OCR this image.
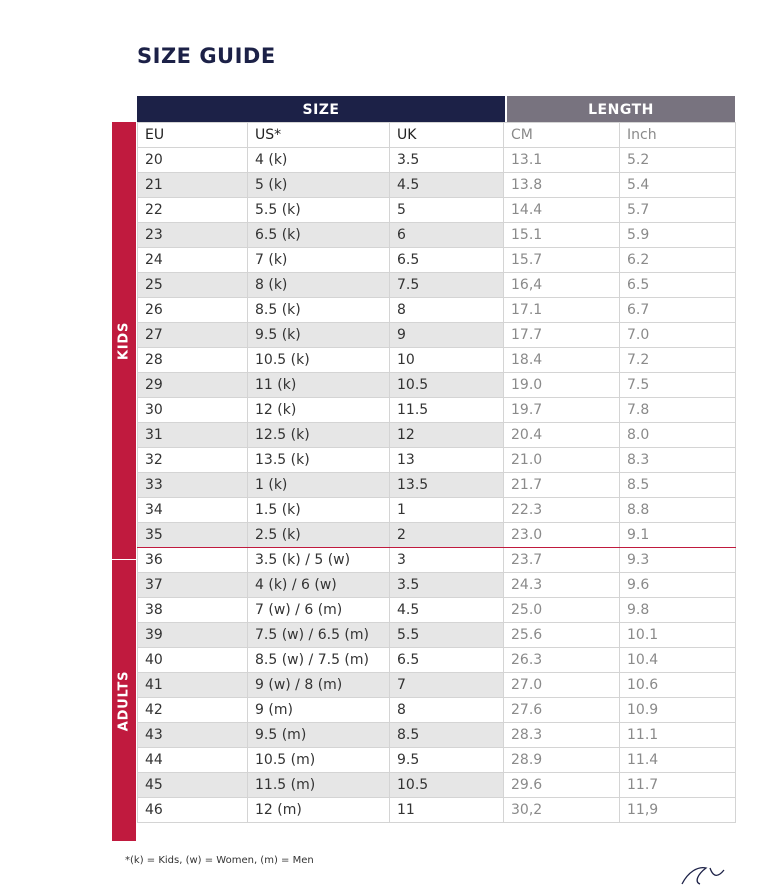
SIZE GUIDE
SIZE	LENGTH
KIDS
ADULTS
EU	US*	UK	CM	Inch
20	4 (k)	3.5	13.1	5.2
21	5 (k)	4.5	13.8	5.4
22	5.5 (k)	5	14.4	5.7
23	6.5 (k)	6	15.1	5.9
24	7 (k)	6.5	15.7	6.2
25	8 (k)	7.5	16,4	6.5
26	8.5 (k)	8	17.1	6.7
27	9.5 (k)	9	17.7	7.0
28	10.5 (k)	10	18.4	7.2
29	11 (k)	10.5	19.0	7.5
30	12 (k)	11.5	19.7	7.8
31	12.5 (k)	12	20.4	8.0
32	13.5 (k)	13	21.0	8.3
33	1 (k)	13.5	21.7	8.5
34	1.5 (k)	1	22.3	8.8
35	2.5 (k)	2	23.0	9.1
36	3.5 (k) / 5 (w)	3	23.7	9.3
37	4 (k) / 6 (w)	3.5	24.3	9.6
38	7 (w) / 6 (m)	4.5	25.0	9.8
39	7.5 (w) / 6.5 (m)	5.5	25.6	10.1
40	8.5 (w) / 7.5 (m)	6.5	26.3	10.4
41	9 (w) / 8 (m)	7	27.0	10.6
42	9 (m)	8	27.6	10.9
43	9.5 (m)	8.5	28.3	11.1
44	10.5 (m)	9.5	28.9	11.4
45	11.5 (m)	10.5	29.6	11.7
46	12 (m)	11	30,2	11,9
*(k) = Kids, (w) = Women, (m) = Men
